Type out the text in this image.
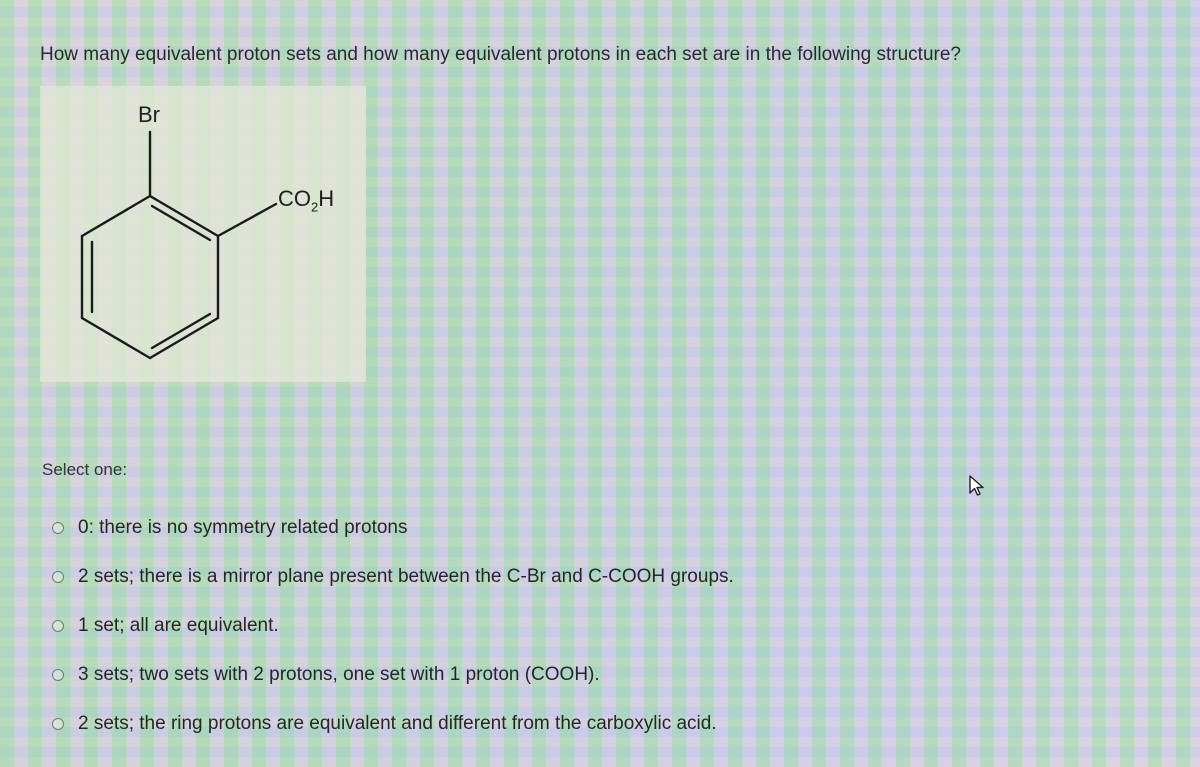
How many equivalent proton sets and how many equivalent protons in each set are in the following structure?
Br
$CO_2H$
Select one:
0: there is no symmetry related protons
2 sets; there is a mirror plane present between the C-Br and C-COOH groups.
1 set; all are equivalent.
3 sets; two sets with 2 protons, one set with 1 proton (COOH).
2 sets; the ring protons are equivalent and different from the carboxylic acid.
